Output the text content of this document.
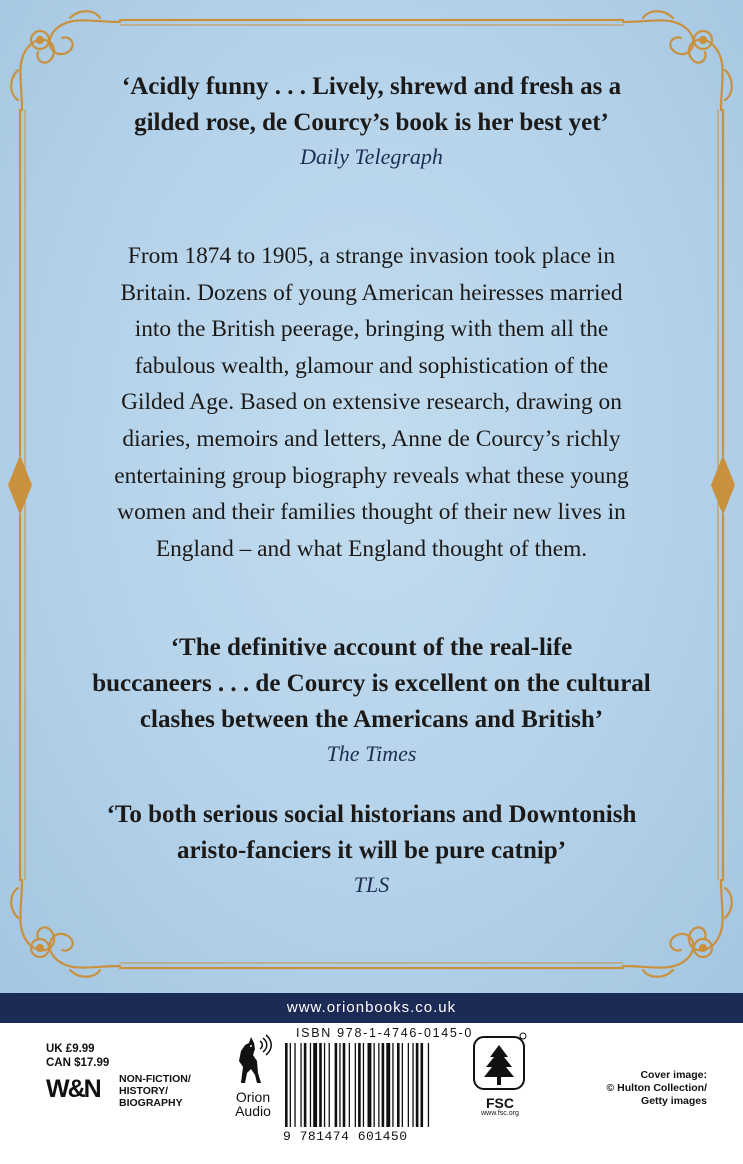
‘Acidly funny . . . Lively, shrewd and fresh as a

gilded rose, de Courcy’s book is her best yet’

Daily Telegraph

From 1874 to 1905, a strange invasion took place in
Britain. Dozens of young American heiresses married
into the British peerage, bringing with them all the
fabulous wealth, glamour and sophistication of the
Gilded Age. Based on extensive research, drawing on
diaries, memoirs and letters, Anne de Courcy’s richly
entertaining group biography reveals what these young
women and their families thought of their new lives in
England – and what England thought of them.

‘The definitive account of the real-life

buccaneers . . . de Courcy is excellent on the cultural

clashes between the Americans and British’

The Times

‘To both serious social historians and Downtonish

aristo-fanciers it will be pure catnip’

TLS

www.orionbooks.co.uk
UK £9.99
CAN $17.99
W&N NON-FICTION/
HISTORY/
BIOGRAPHY	Orion
Audio
ISBN 978-1-4746-0145-0
9 781474 601450
FSC
www.fsc.org
Cover image:
© Hulton Collection/
Getty images
